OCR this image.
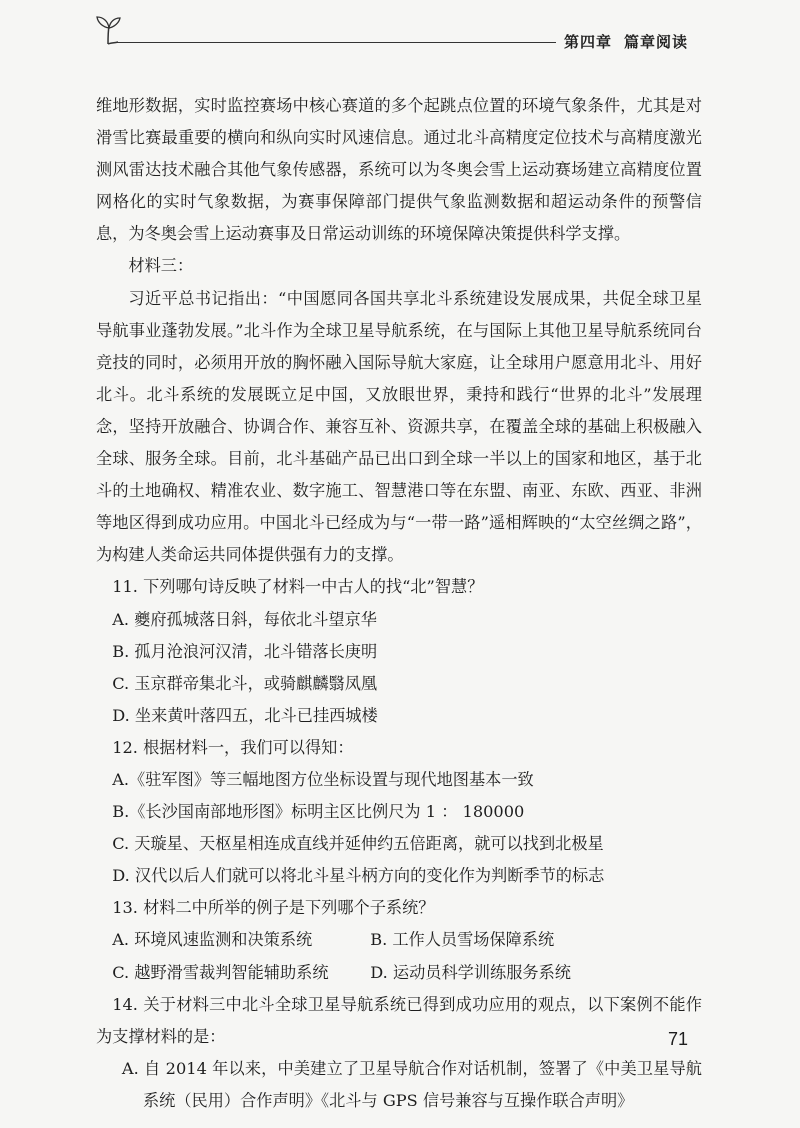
第四章 篇章阅读

维地形数据，实时监控赛场中核心赛道的多个起跳点位置的环境气象条件，尤其是对滑雪比赛最重要的横向和纵向实时风速信息。通过北斗高精度定位技术与高精度激光测风雷达技术融合其他气象传感器，系统可以为冬奥会雪上运动赛场建立高精度位置网格化的实时气象数据，为赛事保障部门提供气象监测数据和超运动条件的预警信息，为冬奥会雪上运动赛事及日常运动训练的环境保障决策提供科学支撑。

材料三：

习近平总书记指出：“中国愿同各国共享北斗系统建设发展成果，共促全球卫星导航事业蓬勃发展。”北斗作为全球卫星导航系统，在与国际上其他卫星导航系统同台竞技的同时，必须用开放的胸怀融入国际导航大家庭，让全球用户愿意用北斗、用好北斗。北斗系统的发展既立足中国，又放眼世界，秉持和践行“世界的北斗”发展理念，坚持开放融合、协调合作、兼容互补、资源共享，在覆盖全球的基础上积极融入全球、服务全球。目前，北斗基础产品已出口到全球一半以上的国家和地区，基于北斗的土地确权、精准农业、数字施工、智慧港口等在东盟、南亚、东欧、西亚、非洲等地区得到成功应用。中国北斗已经成为与“一带一路”遥相辉映的“太空丝绸之路”，为构建人类命运共同体提供强有力的支撑。

11. 下列哪句诗反映了材料一中古人的找“北”智慧？

A. 夔府孤城落日斜，每依北斗望京华

B. 孤月沧浪河汉清，北斗错落长庚明

C. 玉京群帝集北斗，或骑麒麟翳凤凰

D. 坐来黄叶落四五，北斗已挂西城楼

12. 根据材料一，我们可以得知：

A.《驻军图》等三幅地图方位坐标设置与现代地图基本一致

B.《长沙国南部地形图》标明主区比例尺为 1 ： 180000

C. 天璇星、天枢星相连成直线并延伸约五倍距离，就可以找到北极星

D. 汉代以后人们就可以将北斗星斗柄方向的变化作为判断季节的标志

13. 材料二中所举的例子是下列哪个子系统？

A. 环境风速监测和决策系统	B. 工作人员雪场保障系统
C. 越野滑雪裁判智能辅助系统	D. 运动员科学训练服务系统

14. 关于材料三中北斗全球卫星导航系统已得到成功应用的观点，以下案例不能作为支撑材料的是：

A. 自 2014 年以来，中美建立了卫星导航合作对话机制，签署了《中美卫星导航系统（民用）合作声明》《北斗与 GPS 信号兼容与互操作联合声明》

71
